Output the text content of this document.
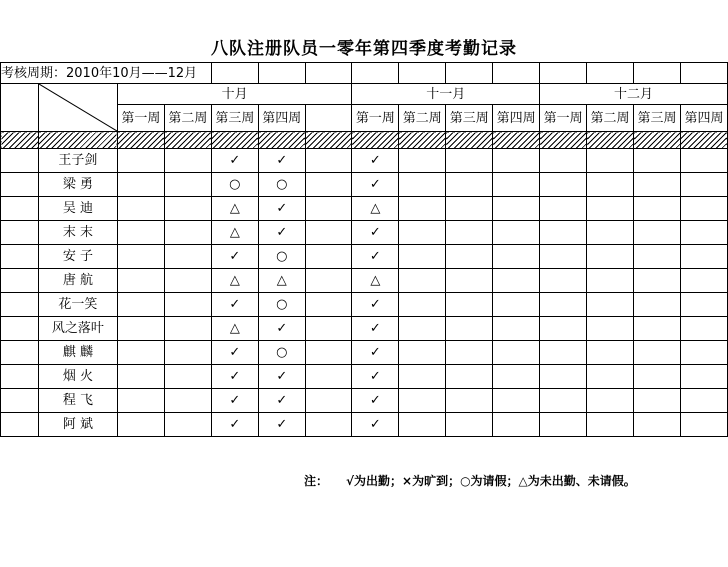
八队注册队员一零年第四季度考勤记录
考核周期：2010年10月——12月														

	十月					十一月				十二月			
		第一周	第二周	第三周	第四周		第一周	第二周	第三周	第四周	第一周	第二周	第三周	第四周

	王子剑			✓	✓		✓							
	梁 勇			○	○		✓							
	吴 迪			△	✓		△							
	末 末			△	✓		✓							
	安 子			✓	○		✓							
	唐 航			△	△		△							
	花一笑			✓	○		✓							
	风之落叶			△	✓		✓							
	麒 麟			✓	○		✓							
	烟 火			✓	✓		✓							
	程 飞			✓	✓		✓							
	阿 斌			✓	✓		✓							
注： √为出勤；×为旷到；○为请假；△为未出勤、未请假。
